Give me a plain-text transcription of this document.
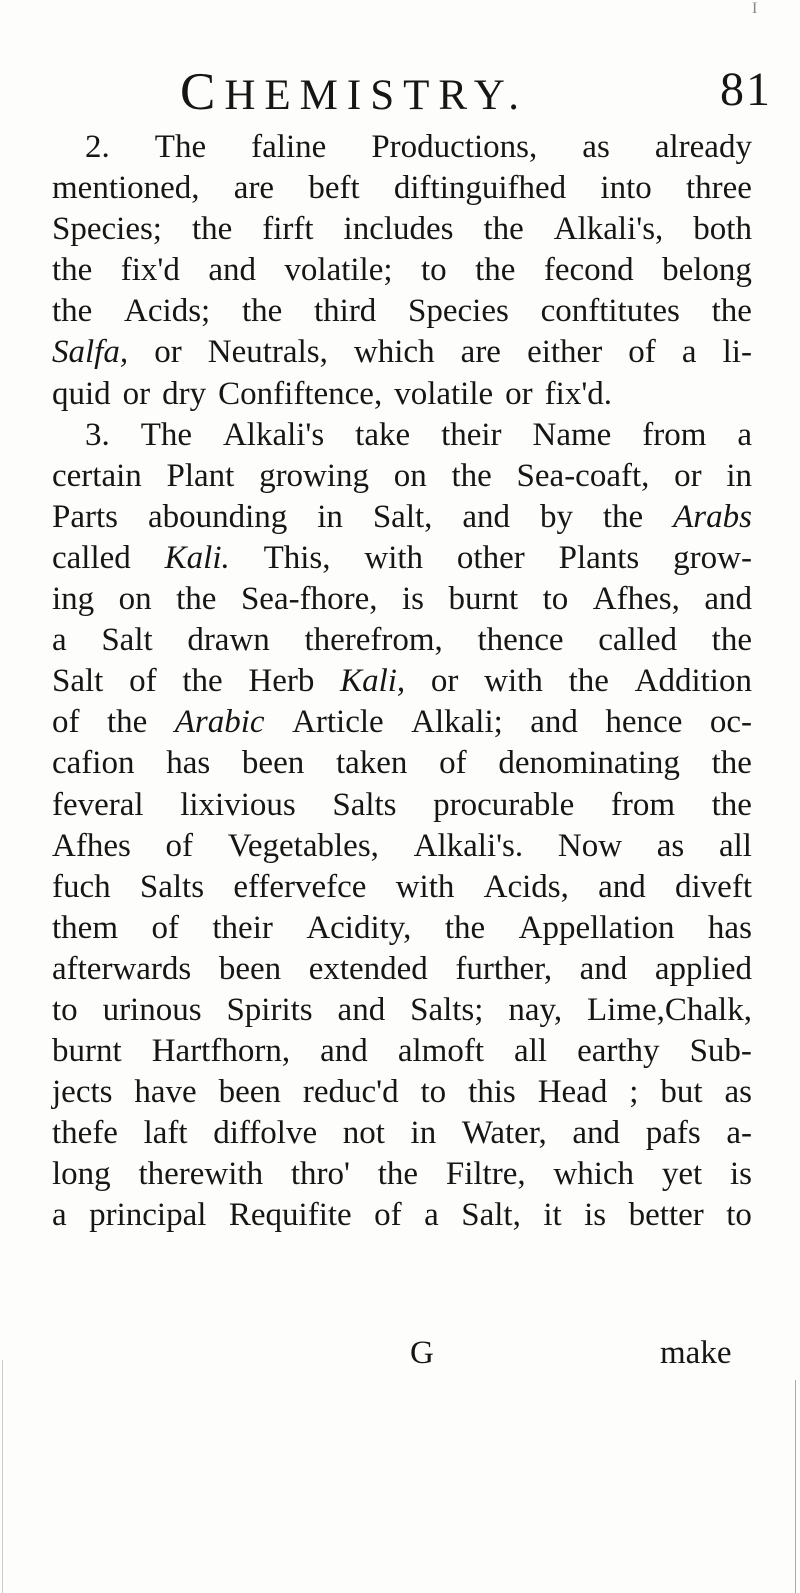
I
CHEMISTRY.	81
2. The faline Productions, as already
mentioned, are beft diftinguifhed into three
Species; the firft includes the Alkali's, both
the fix'd and volatile; to the fecond belong
the Acids; the third Species conftitutes the
Salfa, or Neutrals, which are either of a li-
quid or dry Confiftence, volatile or fix'd.
3. The Alkali's take their Name from a
certain Plant growing on the Sea-coaft, or in
Parts abounding in Salt, and by the Arabs
called Kali. This, with other Plants grow-
ing on the Sea-fhore, is burnt to Afhes, and
a Salt drawn therefrom, thence called the
Salt of the Herb Kali, or with the Addition
of the Arabic Article Alkali; and hence oc-
cafion has been taken of denominating the
feveral lixivious Salts procurable from the
Afhes of Vegetables, Alkali's. Now as all
fuch Salts effervefce with Acids, and diveft
them of their Acidity, the Appellation has
afterwards been extended further, and applied
to urinous Spirits and Salts; nay, Lime,Chalk,
burnt Hartfhorn, and almoft all earthy Sub-
jects have been reduc'd to this Head ; but as
thefe laft diffolve not in Water, and pafs a-
long therewith thro' the Filtre, which yet is
a principal Requifite of a Salt, it is better to
G	make
